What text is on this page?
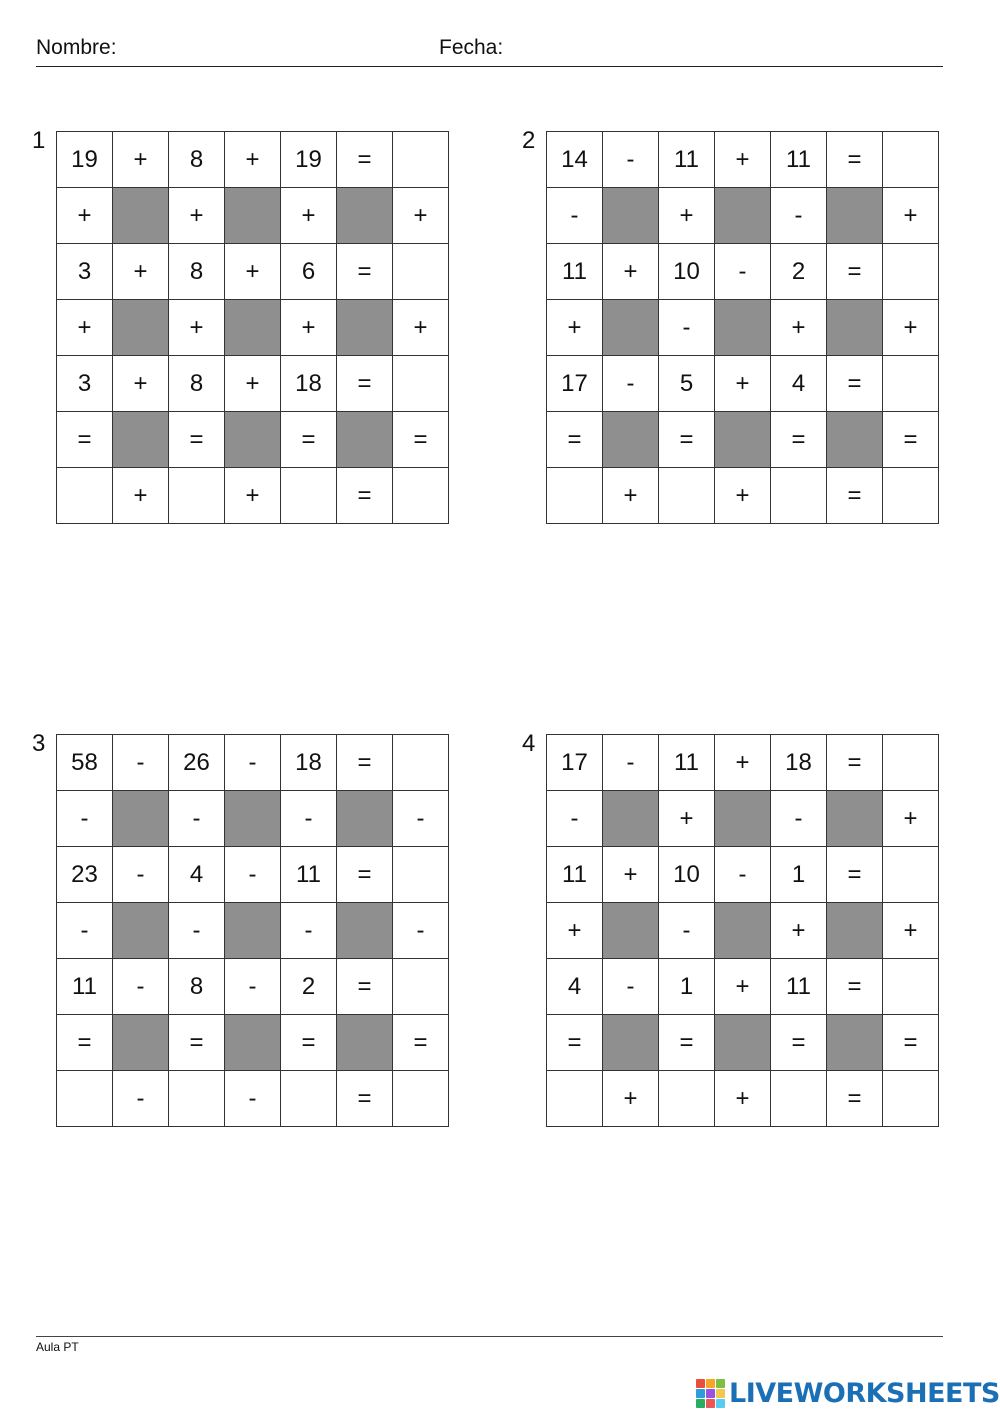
Nombre:	Fecha:
1
19	+	8	+	19	=	
+		+		+		+
3	+	8	+	6	=	
+		+		+		+
3	+	8	+	18	=	
=		=		=		=
	+		+		=	
2
14	-	11	+	11	=	
-		+		-		+
11	+	10	-	2	=	
+		-		+		+
17	-	5	+	4	=	
=		=		=		=
	+		+		=	
3
58	-	26	-	18	=	
-		-		-		-
23	-	4	-	11	=	
-		-		-		-
11	-	8	-	2	=	
=		=		=		=
	-		-		=	
4
17	-	11	+	18	=	
-		+		-		+
11	+	10	-	1	=	
+		-		+		+
4	-	1	+	11	=	
=		=		=		=
	+		+		=	
Aula PT
LIVEWORKSHEETS
